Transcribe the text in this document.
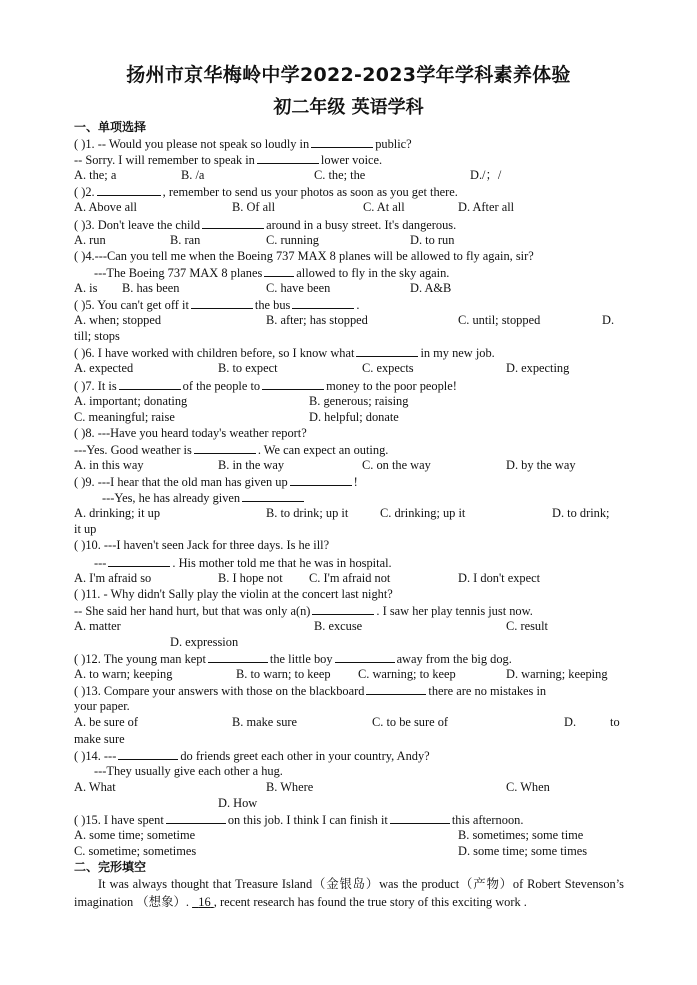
扬州市京华梅岭中学2022-2023学年学科素养体验
初二年级 英语学科
一、单项选择
( )1. -- Would you please not speak so loudly in	public?
-- Sorry. I will remember to speak in	lower voice.
A. the; a	B. /a	C. the; the	D./；/
( )2.	, remember to send us your photos as soon as you get there.
A. Above all	B. Of all	C. At all	D. After all
( )3. Don't leave the child	around in a busy street. It's dangerous.
A. run	B. ran	C. running	D. to run
( )4.---Can you tell me when the Boeing 737 MAX 8 planes will be allowed to fly again, sir?
---The Boeing 737 MAX 8 planes	allowed to fly in the sky again.
A. is B. has been	C. have been	D. A&B
( )5. You can't get off it	the bus	.
A. when; stopped	B. after; has stopped	C. until; stopped	D.
till; stops
( )6. I have worked with children before, so I know what	in my new job.
A. expected	B. to expect	C. expects	D. expecting
( )7. It is	of the people to	money to the poor people!
A. important; donating	B. generous; raising
C. meaningful; raise	D. helpful; donate
( )8. ---Have you heard today's weather report?
---Yes. Good weather is	. We can expect an outing.
A. in this way	B. in the way	C. on the way	D. by the way
( )9. ---I hear that the old man has given up	!
---Yes, he has already given
A. drinking; it up	B. to drink; up it	C. drinking; up it	D. to drink;
it up
( )10. ---I haven't seen Jack for three days. Is he ill?
---	. His mother told me that he was in hospital.
A. I'm afraid so	B. I hope not C. I'm afraid not	D. I don't expect
( )11. - Why didn't Sally play the violin at the concert last night?
-- She said her hand hurt, but that was only a(n)	. I saw her play tennis just now.
A. matter	B. excuse	C. result
D. expression
( )12. The young man kept	the little boy	away from the big dog.
A. to warn; keeping	B. to warn; to keep C. warning; to keep	D. warning; keeping
( )13. Compare your answers with those on the blackboard	there are no mistakes in
your paper.
A. be sure of	B. make sure	C. to be sure of	D.	to
make sure
( )14. ---	do friends greet each other in your country, Andy?
---They usually give each other a hug.
A. What	B. Where	C. When
D. How
( )15. I have spent	on this job. I think I can finish it	this afternoon.
A. some time; sometime	B. sometimes; some time
C. sometime; sometimes	D. some time; some times
二、完形填空
It was always thought that Treasure Island（金银岛）was the product（产物）of Robert Stevenson’s imagination （想象）. 16 , recent research has found the true story of this exciting work .
